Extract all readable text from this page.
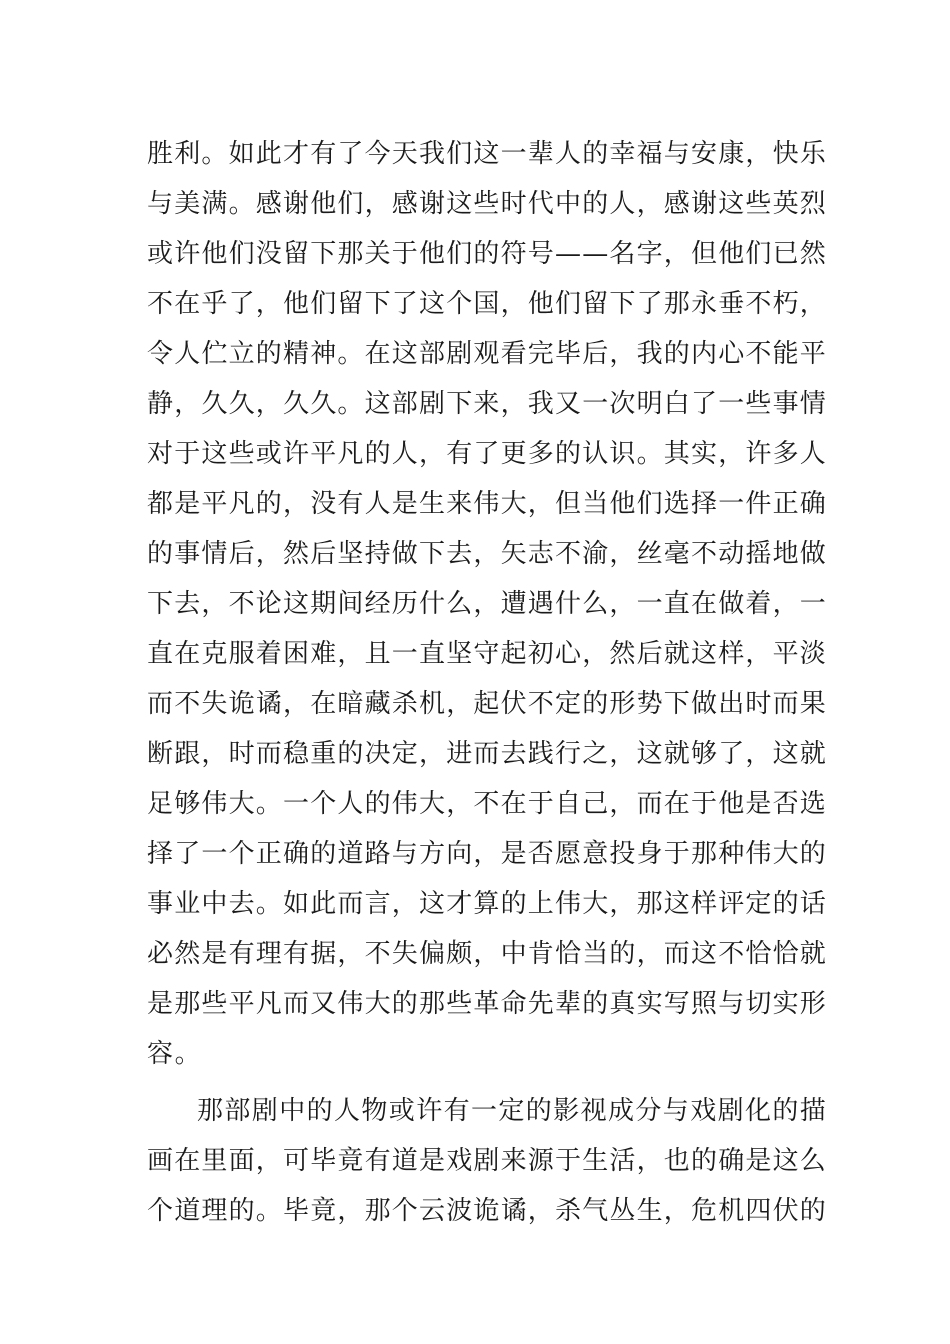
胜利。如此才有了今天我们这一辈人的幸福与安康，快乐
与美满。感谢他们，感谢这些时代中的人，感谢这些英烈
或许他们没留下那关于他们的符号——名字，但他们已然
不在乎了，他们留下了这个国，他们留下了那永垂不朽，
令人伫立的精神。在这部剧观看完毕后，我的内心不能平
静，久久，久久。这部剧下来，我又一次明白了一些事情
对于这些或许平凡的人，有了更多的认识。其实，许多人
都是平凡的，没有人是生来伟大，但当他们选择一件正确
的事情后，然后坚持做下去，矢志不渝，丝毫不动摇地做
下去，不论这期间经历什么，遭遇什么，一直在做着，一
直在克服着困难，且一直坚守起初心，然后就这样，平淡
而不失诡谲，在暗藏杀机，起伏不定的形势下做出时而果
断跟，时而稳重的决定，进而去践行之，这就够了，这就
足够伟大。一个人的伟大，不在于自己，而在于他是否选
择了一个正确的道路与方向，是否愿意投身于那种伟大的
事业中去。如此而言，这才算的上伟大，那这样评定的话
必然是有理有据，不失偏颇，中肯恰当的，而这不恰恰就
是那些平凡而又伟大的那些革命先辈的真实写照与切实形
容。
那部剧中的人物或许有一定的影视成分与戏剧化的描
画在里面，可毕竟有道是戏剧来源于生活，也的确是这么
个道理的。毕竟，那个云波诡谲，杀气丛生，危机四伏的
